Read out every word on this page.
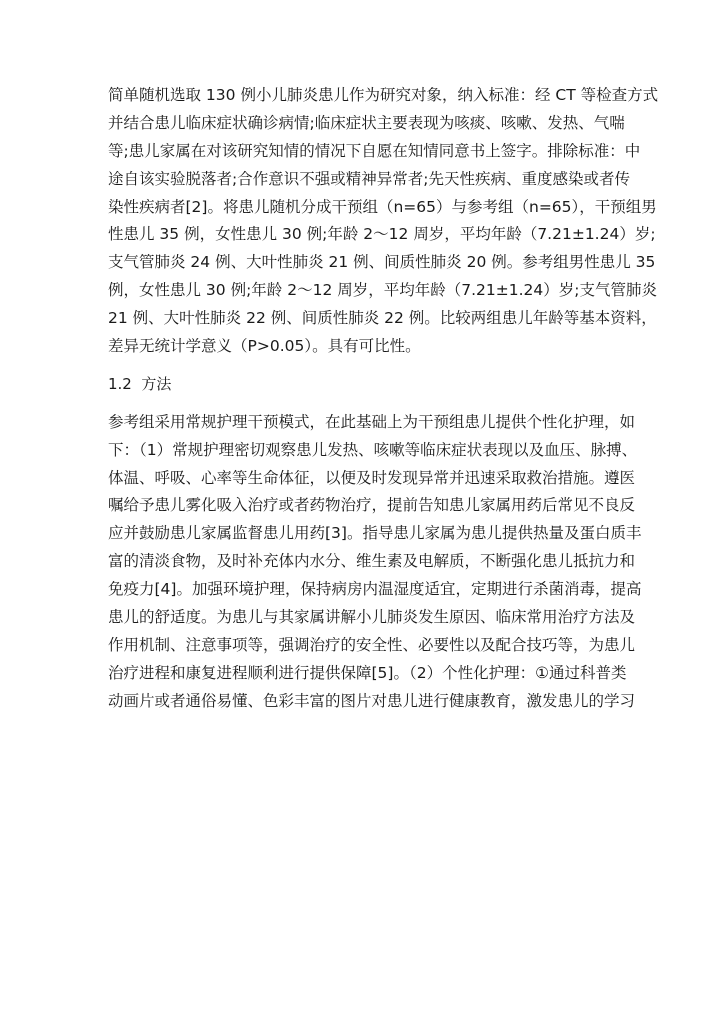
简单随机选取 130 例小儿肺炎患儿作为研究对象，纳入标准：经 CT 等检查方式
并结合患儿临床症状确诊病情;临床症状主要表现为咳痰、咳嗽、发热、气喘
等;患儿家属在对该研究知情的情况下自愿在知情同意书上签字。排除标准：中
途自该实验脱落者;合作意识不强或精神异常者;先天性疾病、重度感染或者传
染性疾病者[2]。将患儿随机分成干预组（n=65）与参考组（n=65），干预组男
性患儿 35 例，女性患儿 30 例;年龄 2～12 周岁，平均年龄（7.21±1.24）岁;
支气管肺炎 24 例、大叶性肺炎 21 例、间质性肺炎 20 例。参考组男性患儿 35
例，女性患儿 30 例;年龄 2～12 周岁，平均年龄（7.21±1.24）岁;支气管肺炎
21 例、大叶性肺炎 22 例、间质性肺炎 22 例。比较两组患儿年龄等基本资料，
差异无统计学意义（P>0.05）。具有可比性。
1.2  方法
参考组采用常规护理干预模式，在此基础上为干预组患儿提供个性化护理，如
下：（1）常规护理密切观察患儿发热、咳嗽等临床症状表现以及血压、脉搏、
体温、呼吸、心率等生命体征，以便及时发现异常并迅速采取救治措施。遵医
嘱给予患儿雾化吸入治疗或者药物治疗，提前告知患儿家属用药后常见不良反
应并鼓励患儿家属监督患儿用药[3]。指导患儿家属为患儿提供热量及蛋白质丰
富的清淡食物，及时补充体内水分、维生素及电解质，不断强化患儿抵抗力和
免疫力[4]。加强环境护理，保持病房内温湿度适宜，定期进行杀菌消毒，提高
患儿的舒适度。为患儿与其家属讲解小儿肺炎发生原因、临床常用治疗方法及
作用机制、注意事项等，强调治疗的安全性、必要性以及配合技巧等，为患儿
治疗进程和康复进程顺利进行提供保障[5]。（2）个性化护理：①通过科普类
动画片或者通俗易懂、色彩丰富的图片对患儿进行健康教育，激发患儿的学习
